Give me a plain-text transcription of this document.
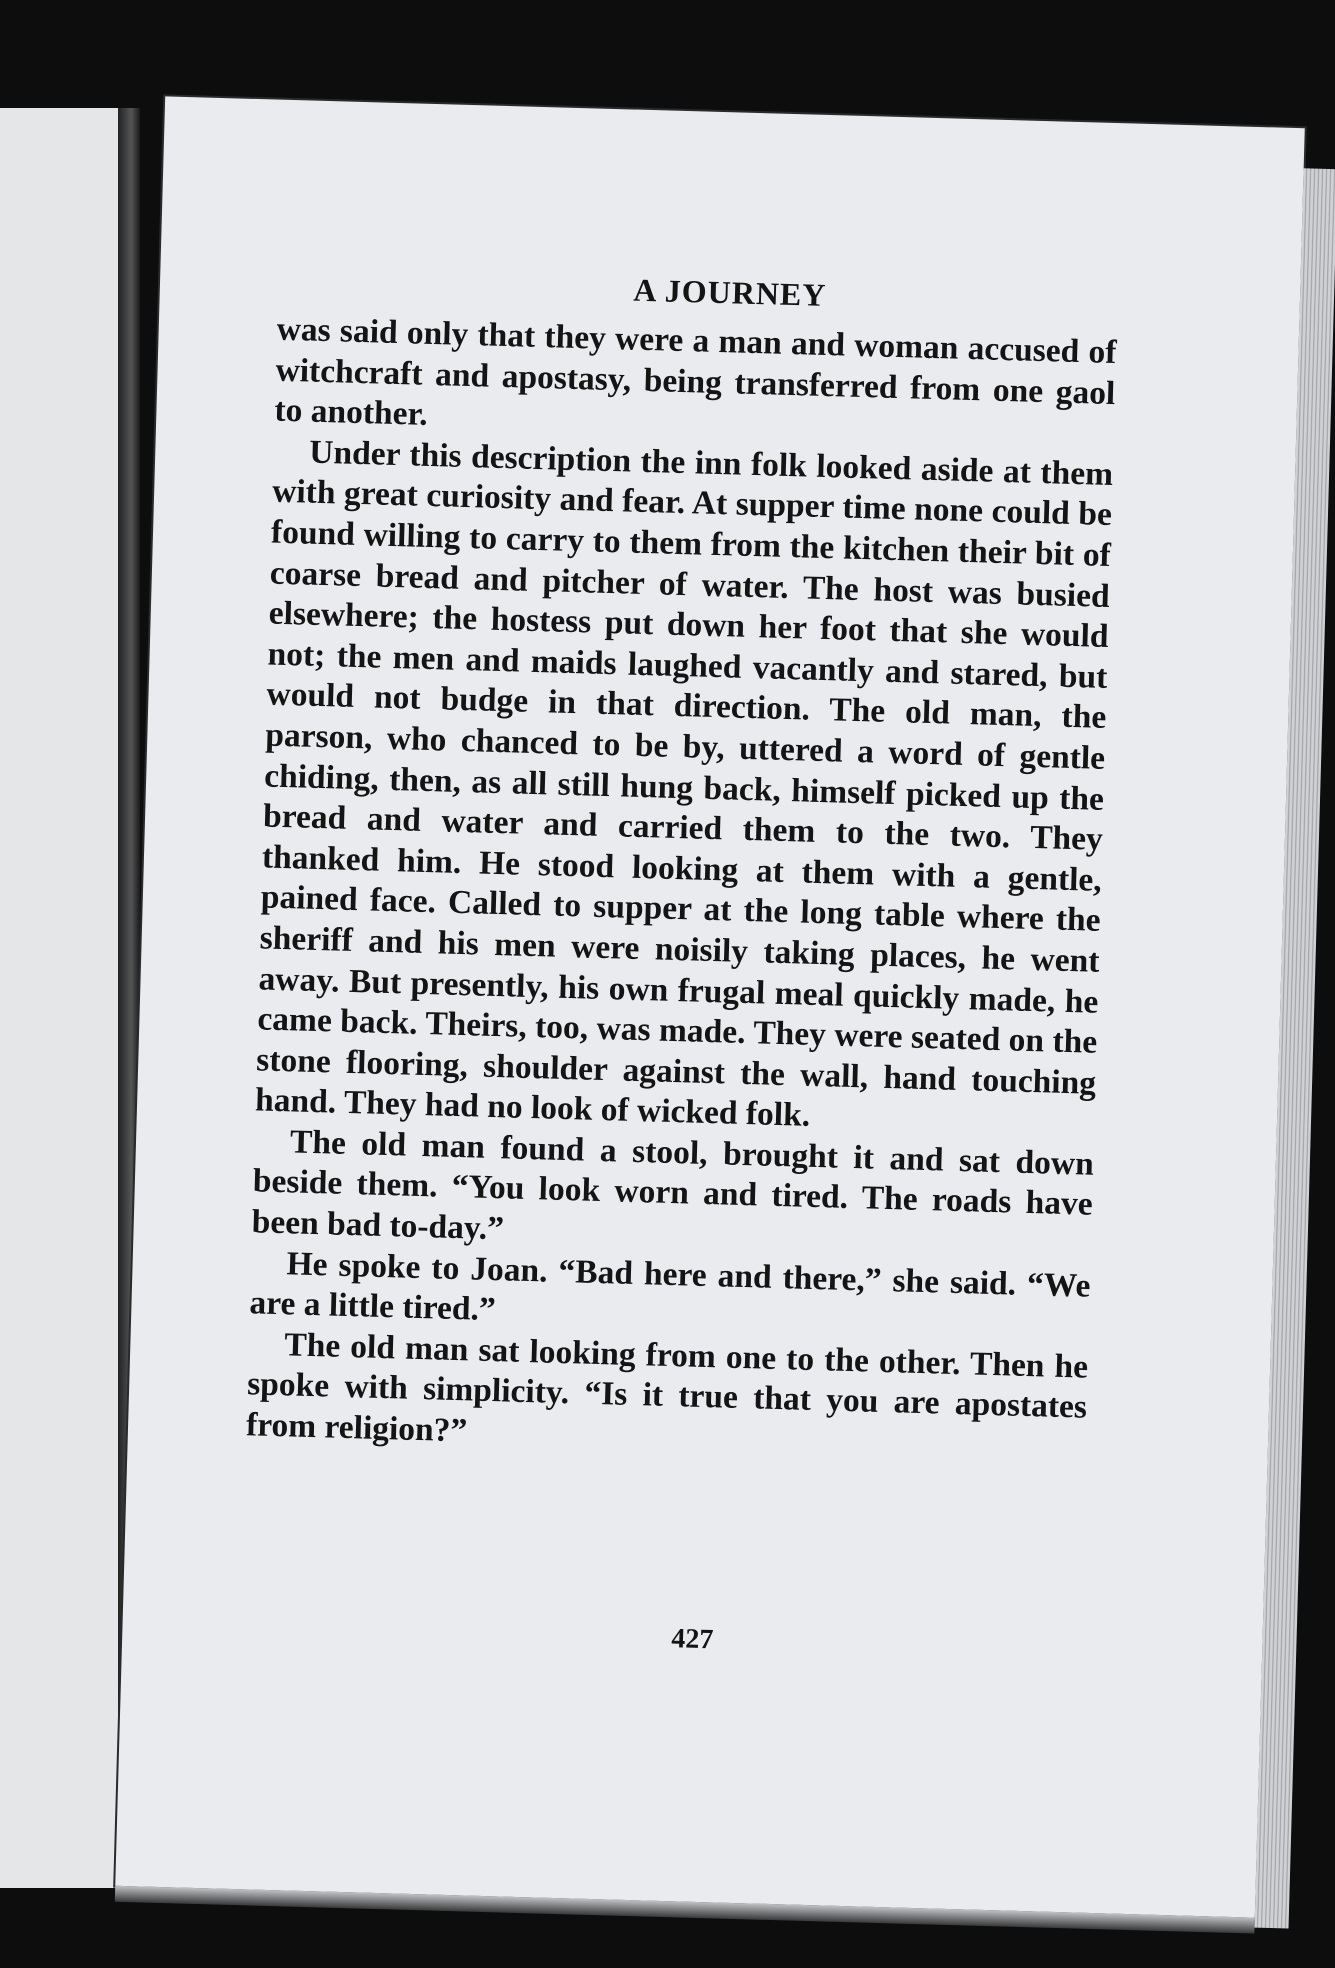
A JOURNEY

was said only that they were a man and woman accused of witchcraft and apostasy, being transferred from one gaol to another.

Under this description the inn folk looked aside at them with great curiosity and fear. At supper time none could be found willing to carry to them from the kitchen their bit of coarse bread and pitcher of water. The host was busied elsewhere; the hostess put down her foot that she would not; the men and maids laughed vacantly and stared, but would not budge in that direction. The old man, the parson, who chanced to be by, uttered a word of gentle chiding, then, as all still hung back, himself picked up the bread and water and carried them to the two. They thanked him. He stood looking at them with a gentle, pained face. Called to supper at the long table where the sheriff and his men were noisily taking places, he went away. But presently, his own frugal meal quickly made, he came back. Theirs, too, was made. They were seated on the stone flooring, shoulder against the wall, hand touching hand. They had no look of wicked folk.

The old man found a stool, brought it and sat down beside them. “You look worn and tired. The roads have been bad to-day.”

He spoke to Joan. “Bad here and there,” she said. “We are a little tired.”

The old man sat looking from one to the other. Then he spoke with simplicity. “Is it true that you are apostates from religion?”

427
